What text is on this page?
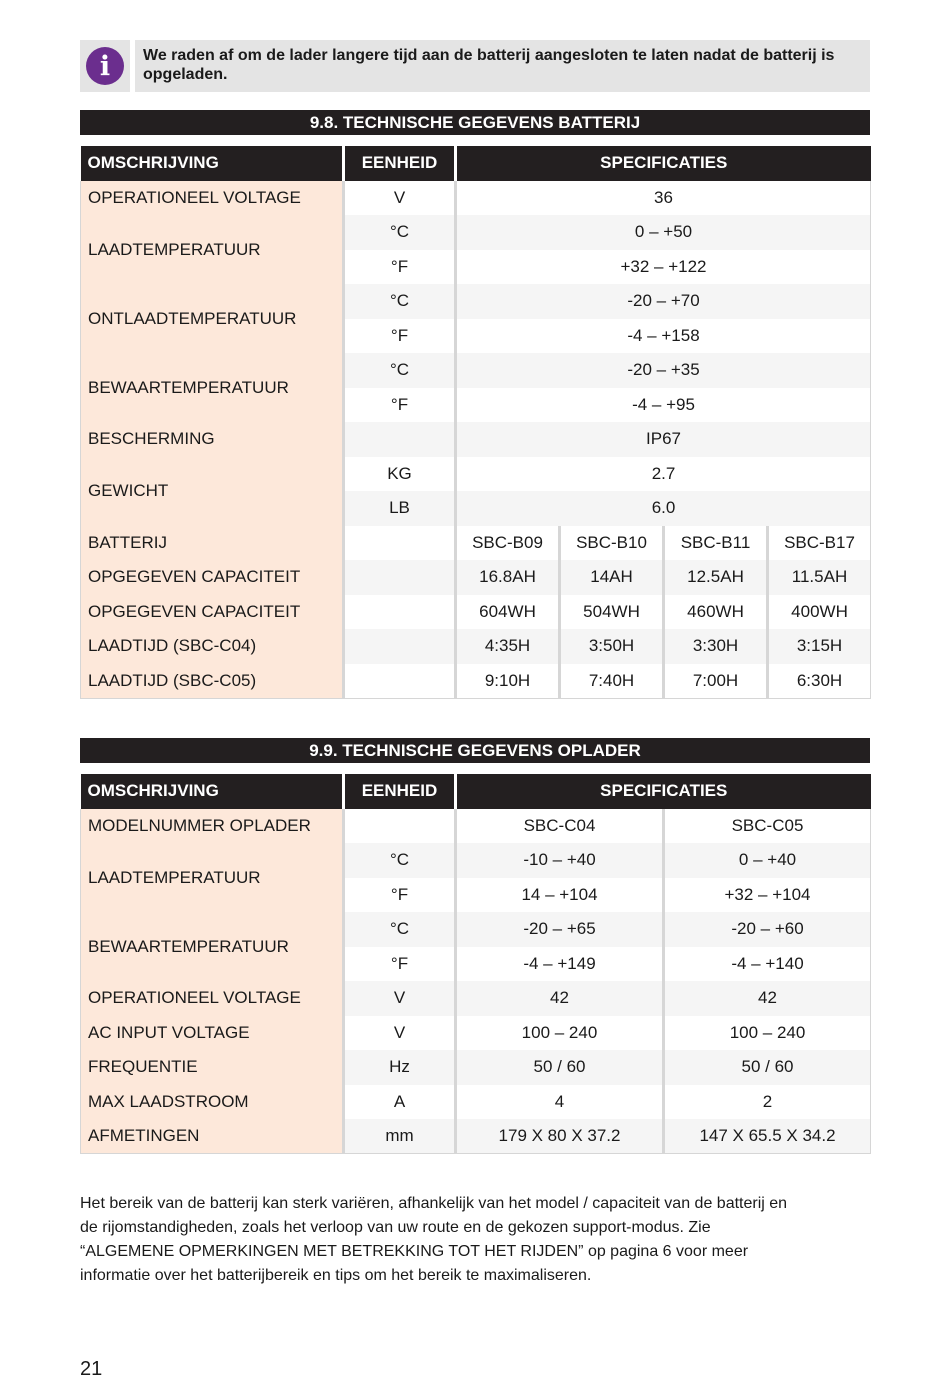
i	We raden af om de lader langere tijd aan de batterij aangesloten te laten nadat de batterij is opgeladen.
9.8. TECHNISCHE GEGEVENS BATTERIJ
OMSCHRIJVING	EENHEID	SPECIFICATIES			
OPERATIONEEL VOLTAGE	V	36			
LAADTEMPERATUUR	°C	0 – +50			
	°F	+32 – +122			
ONTLAADTEMPERATUUR	°C	-20 – +70			
	°F	-4 – +158			
BEWAARTEMPERATUUR	°C	-20 – +35			
	°F	-4 – +95			
BESCHERMING		IP67			
GEWICHT	KG	2.7			
	LB	6.0			
BATTERIJ		SBC-B09	SBC-B10	SBC-B11	SBC-B17
OPGEGEVEN CAPACITEIT		16.8AH	14AH	12.5AH	11.5AH
OPGEGEVEN CAPACITEIT		604WH	504WH	460WH	400WH
LAADTIJD (SBC-C04)		4:35H	3:50H	3:30H	3:15H
LAADTIJD (SBC-C05)		9:10H	7:40H	7:00H	6:30H
9.9. TECHNISCHE GEGEVENS OPLADER
OMSCHRIJVING	EENHEID	SPECIFICATIES	
MODELNUMMER OPLADER		SBC-C04	SBC-C05
LAADTEMPERATUUR	°C	-10 – +40	0 – +40
	°F	14 – +104	+32 – +104
BEWAARTEMPERATUUR	°C	-20 – +65	-20 – +60
	°F	-4 – +149	-4 – +140
OPERATIONEEL VOLTAGE	V	42	42
AC INPUT VOLTAGE	V	100 – 240	100 – 240
FREQUENTIE	Hz	50 / 60	50 / 60
MAX LAADSTROOM	A	4	2
AFMETINGEN	mm	179 X 80 X 37.2	147 X 65.5 X 34.2
Het bereik van de batterij kan sterk variëren, afhankelijk van het model / capaciteit van de batterij en de rijomstandigheden, zoals het verloop van uw route en de gekozen support-modus. Zie “ALGEMENE OPMERKINGEN MET BETREKKING TOT HET RIJDEN” op pagina 6 voor meer informatie over het batterijbereik en tips om het bereik te maximaliseren.
21
